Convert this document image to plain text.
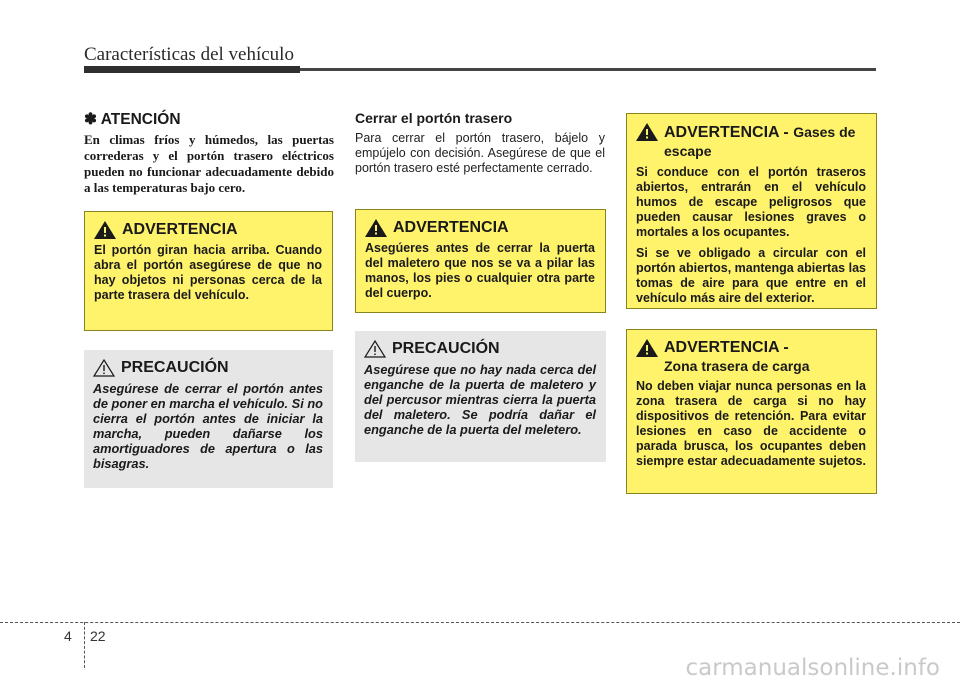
Características del vehículo
✽ ATENCIÓN
En climas fríos y húmedos, las puertas correderas y el portón trasero eléctricos pueden no funcionar adecuadamente debido a las temperaturas bajo cero.
Cerrar el portón trasero
Para cerrar el portón trasero, bájelo y empújelo con decisión. Asegúrese de que el portón trasero esté perfectamente cerrado.
ADVERTENCIA
El portón giran hacia arriba. Cuando abra el portón asegúrese de que no hay objetos ni personas cerca de la parte trasera del vehículo.
PRECAUCIÓN
Asegúrese de cerrar el portón antes de poner en marcha el vehículo. Si no cierra el portón antes de iniciar la marcha, pueden dañarse los amortiguadores de apertura o las bisagras.
ADVERTENCIA
Asegúeres antes de cerrar la puerta del maletero que nos se va a pilar las manos, los pies o cualquier otra parte del cuerpo.
PRECAUCIÓN
Asegúrese que no hay nada cerca del enganche de la puerta de maletero y del percusor mientras cierra la puerta del maletero. Se podría dañar el enganche de la puerta del meletero.
ADVERTENCIA - Gases de escape
Si conduce con el portón traseros abiertos, entrarán en el vehículo humos de escape peligrosos que pueden causar lesiones graves o mortales a los ocupantes.
Si se ve obligado a circular con el portón abiertos, mantenga abiertas las tomas de aire para que entre en el vehículo más aire del exterior.
ADVERTENCIA -
Zona trasera de carga
No deben viajar nunca personas en la zona trasera de carga si no hay dispositivos de retención. Para evitar lesiones en caso de accidente o parada brusca, los ocupantes deben siempre estar adecuadamente sujetos.
4 22
carmanualsonline.info
